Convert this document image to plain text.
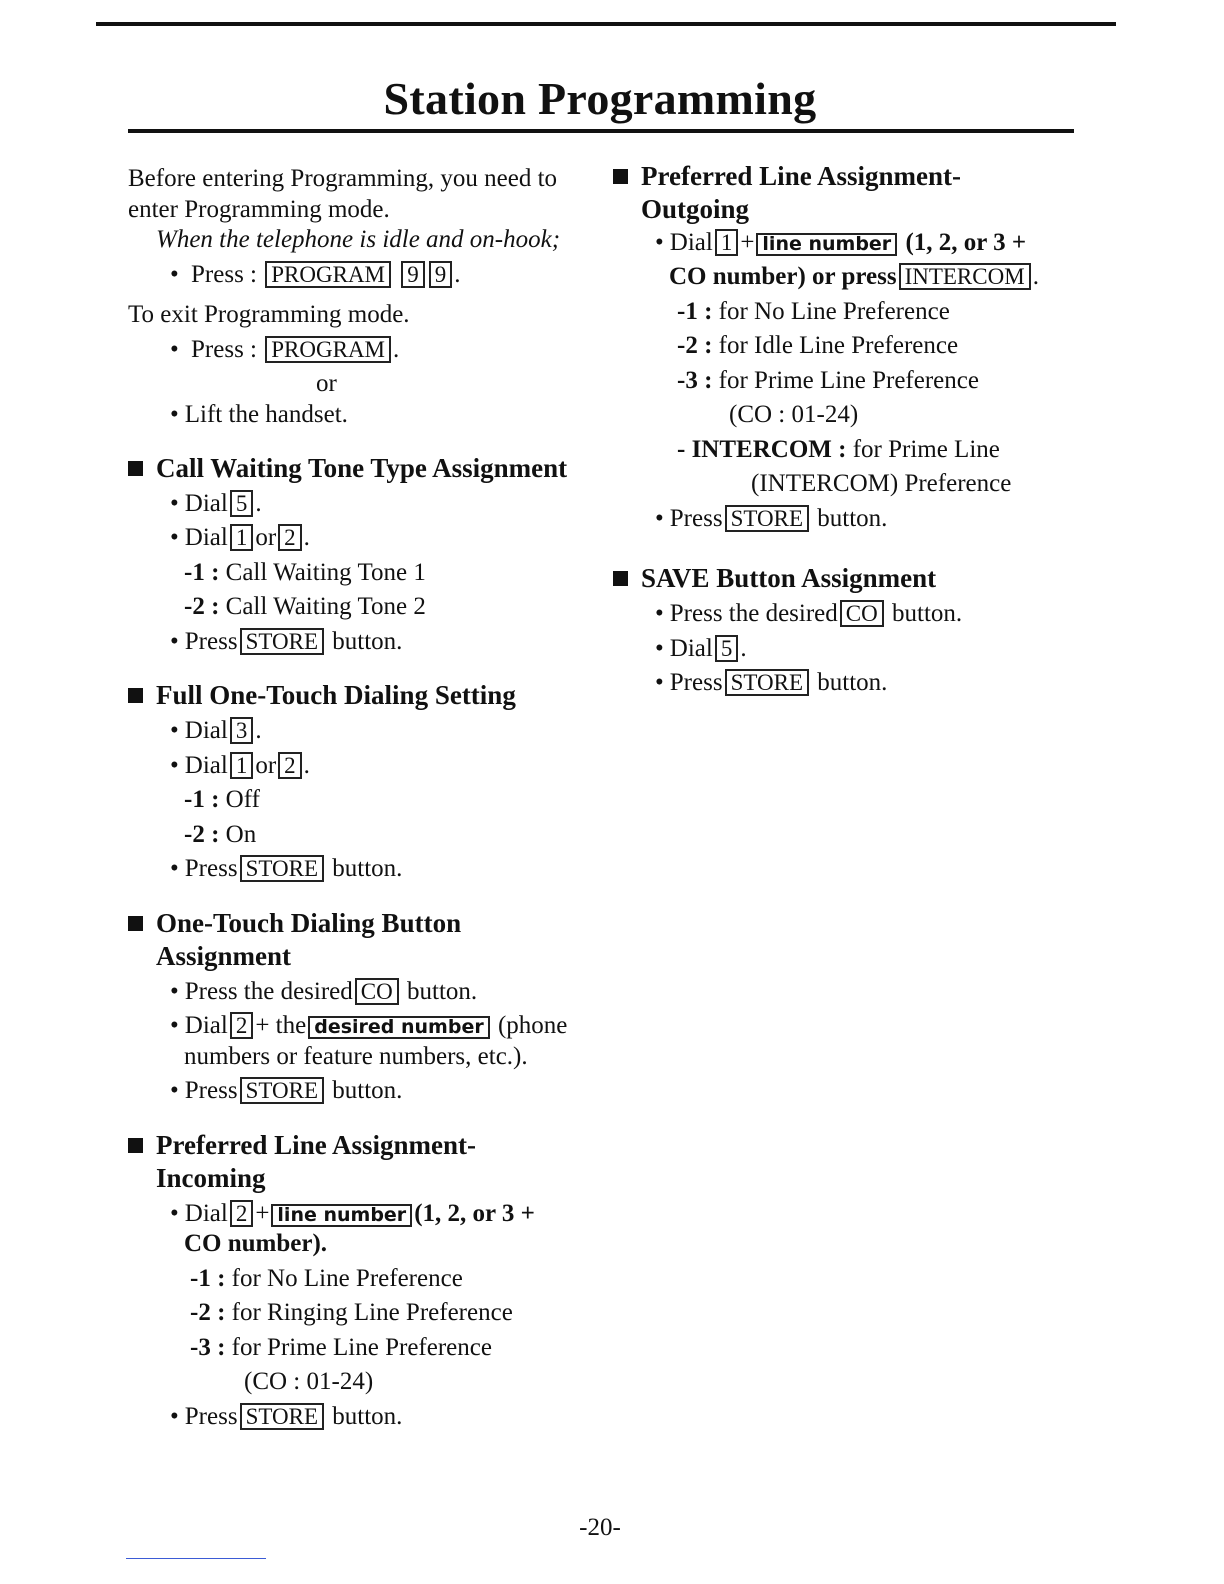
Station Programming

Before entering Programming, you need to

enter Programming mode.

When the telephone is idle and on-hook;

• Press : PROGRAM 9 9 .

To exit Programming mode.

• Press : PROGRAM .

or

• Lift the handset.

Call Waiting Tone Type Assignment

• Dial 5 .

• Dial 1 or 2 .

-1 : Call Waiting Tone 1

-2 : Call Waiting Tone 2

• Press STORE button.

Full One-Touch Dialing Setting

• Dial 3 .

• Dial 1 or 2 .

-1 : Off

-2 : On

• Press STORE button.

One-Touch Dialing Button
Assignment

• Press the desired CO button.

• Dial 2 + the desired number (phone

numbers or feature numbers, etc.).

• Press STORE button.

Preferred Line Assignment-
Incoming

• Dial 2 + line number (1, 2, or 3 +

CO number).

-1 : for No Line Preference

-2 : for Ringing Line Preference

-3 : for Prime Line Preference

(CO : 01-24)

• Press STORE button.

Preferred Line Assignment-
Outgoing

• Dial 1 + line number (1, 2, or 3 +

CO number) or press INTERCOM .

-1 : for No Line Preference

-2 : for Idle Line Preference

-3 : for Prime Line Preference

(CO : 01-24)

- INTERCOM : for Prime Line

(INTERCOM) Preference

• Press STORE button.

SAVE Button Assignment

• Press the desired CO button.

• Dial 5 .

• Press STORE button.

-20-
